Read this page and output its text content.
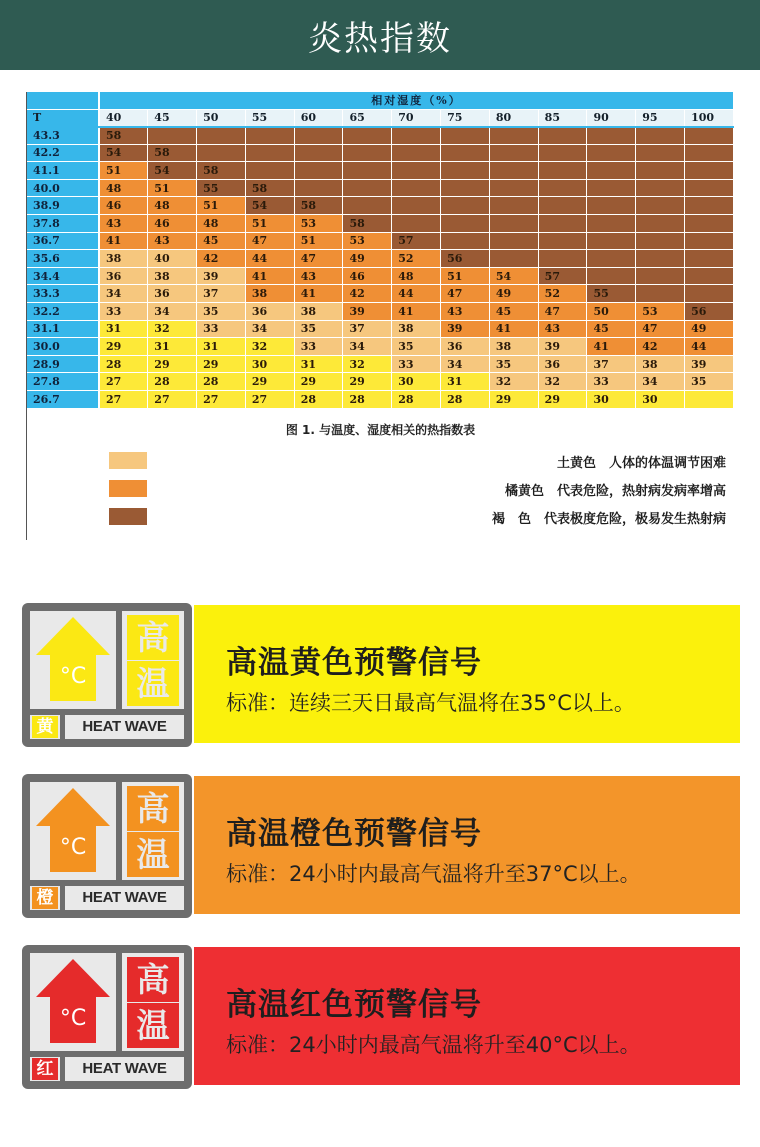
炎热指数
	相对湿度（%）												
T	40	45	50	55	60	65	70	75	80	85	90	95	100
43.3	58												
42.2	54	58											
41.1	51	54	58										
40.0	48	51	55	58									
38.9	46	48	51	54	58								
37.8	43	46	48	51	53	58							
36.7	41	43	45	47	51	53	57						
35.6	38	40	42	44	47	49	52	56					
34.4	36	38	39	41	43	46	48	51	54	57			
33.3	34	36	37	38	41	42	44	47	49	52	55		
32.2	33	34	35	36	38	39	41	43	45	47	50	53	56
31.1	31	32	33	34	35	37	38	39	41	43	45	47	49
30.0	29	31	31	32	33	34	35	36	38	39	41	42	44
28.9	28	29	29	30	31	32	33	34	35	36	37	38	39
27.8	27	28	28	29	29	29	30	31	32	32	33	34	35
26.7	27	27	27	27	28	28	28	28	29	29	30	30	
图 1. 与温度、湿度相关的热指数表
土黄色　人体的体温调节困难
橘黄色　代表危险，热射病发病率增高
褐　色　代表极度危险，极易发生热射病
°C
高
温
黄	HEAT WAVE
高温黄色预警信号
标准：连续三天日最高气温将在35°C以上。
°C
高
温
橙	HEAT WAVE
高温橙色预警信号
标准：24小时内最高气温将升至37°C以上。
°C
高
温
红	HEAT WAVE
高温红色预警信号
标准：24小时内最高气温将升至40°C以上。
